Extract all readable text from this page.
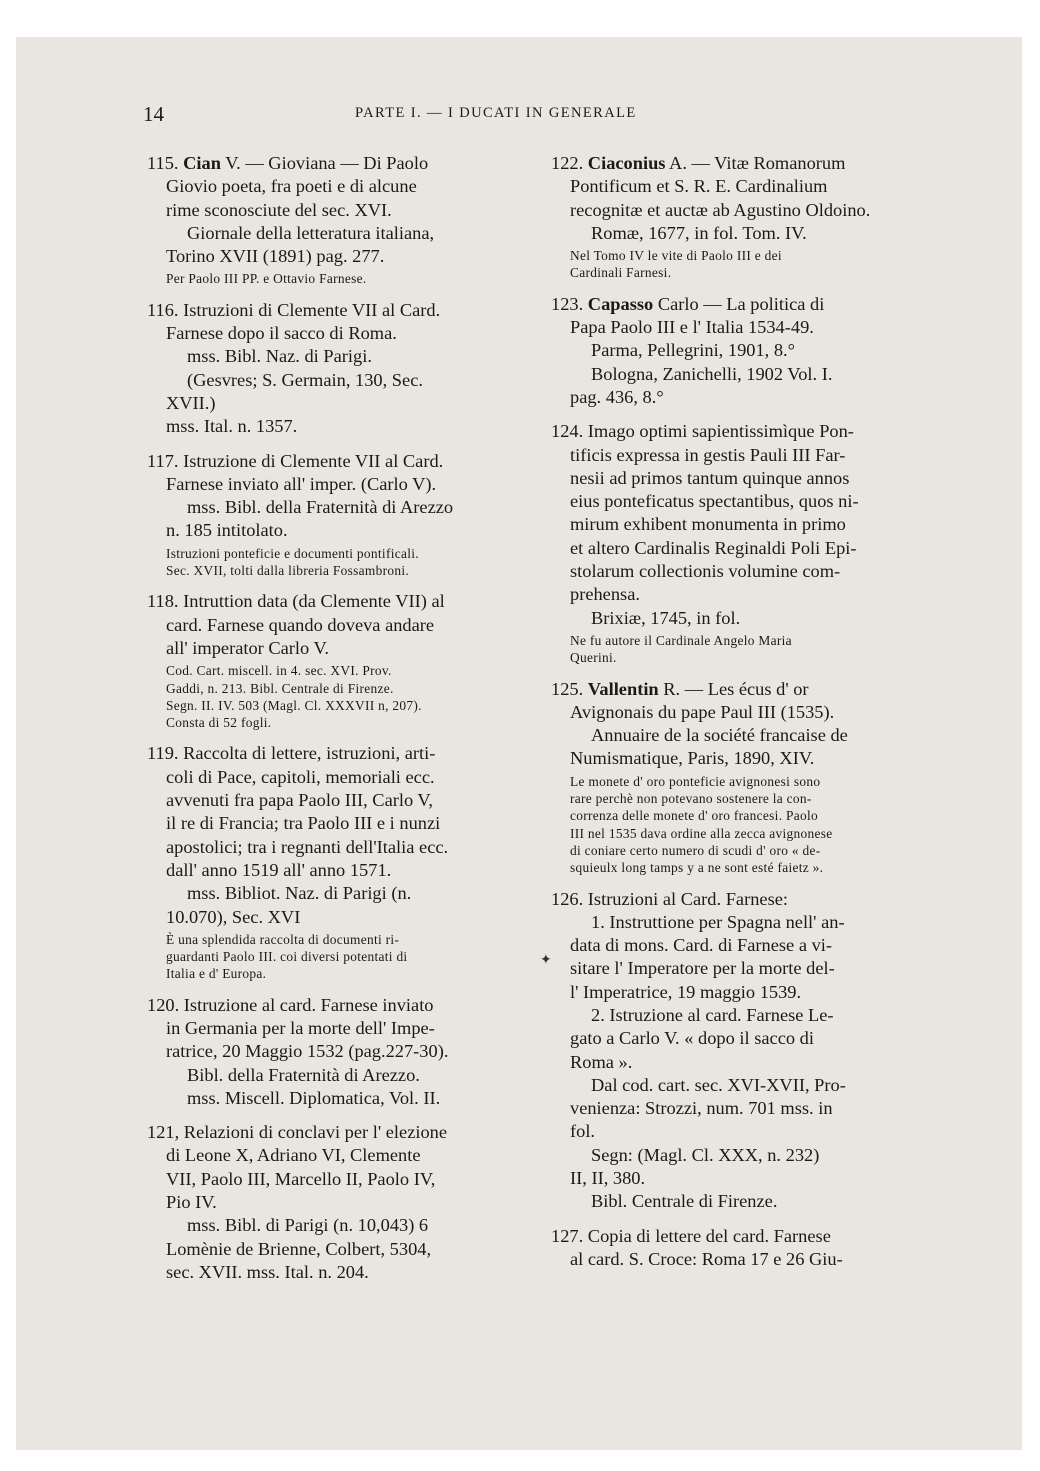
14	PARTE I. — I DUCATI IN GENERALE
115. Cian V. — Gioviana — Di Paolo
Giovio poeta, fra poeti e di alcune
rime sconosciute del sec. XVI.
Giornale della letteratura italiana,
Torino XVII (1891) pag. 277.
Per Paolo III PP. e Ottavio Farnese.
116. Istruzioni di Clemente VII al Card.
Farnese dopo il sacco di Roma.
mss. Bibl. Naz. di Parigi.
(Gesvres; S. Germain, 130, Sec.
XVII.)
mss. Ital. n. 1357.
117. Istruzione di Clemente VII al Card.
Farnese inviato all' imper. (Carlo V).
mss. Bibl. della Fraternità di Arezzo
n. 185 intitolato.
Istruzioni ponteficie e documenti pontificali.
Sec. XVII, tolti dalla libreria Fossambroni.
118. Intruttion data (da Clemente VII) al
card. Farnese quando doveva andare
all' imperator Carlo V.
Cod. Cart. miscell. in 4. sec. XVI. Prov.
Gaddi, n. 213. Bibl. Centrale di Firenze.
Segn. II. IV. 503 (Magl. Cl. XXXVII n, 207).
Consta di 52 fogli.
119. Raccolta di lettere, istruzioni, arti-
coli di Pace, capitoli, memoriali ecc.
avvenuti fra papa Paolo III, Carlo V,
il re di Francia; tra Paolo III e i nunzi
apostolici; tra i regnanti dell'Italia ecc.
dall' anno 1519 all' anno 1571.
mss. Bibliot. Naz. di Parigi (n.
10.070), Sec. XVI
È una splendida raccolta di documenti ri-
guardanti Paolo III. coi diversi potentati di
Italia e d' Europa.
120. Istruzione al card. Farnese inviato
in Germania per la morte dell' Impe-
ratrice, 20 Maggio 1532 (pag.227-30).
Bibl. della Fraternità di Arezzo.
mss. Miscell. Diplomatica, Vol. II.
121, Relazioni di conclavi per l' elezione
di Leone X, Adriano VI, Clemente
VII, Paolo III, Marcello II, Paolo IV,
Pio IV.
mss. Bibl. di Parigi (n. 10,043) 6
Lomènie de Brienne, Colbert, 5304,
sec. XVII. mss. Ital. n. 204.
122. Ciaconius A. — Vitæ Romanorum
Pontificum et S. R. E. Cardinalium
recognitæ et auctæ ab Agustino Oldoino.
Romæ, 1677, in fol. Tom. IV.
Nel Tomo IV le vite di Paolo III e dei
Cardinali Farnesi.
123. Capasso Carlo — La politica di
Papa Paolo III e l' Italia 1534-49.
Parma, Pellegrini, 1901, 8.°
Bologna, Zanichelli, 1902 Vol. I.
pag. 436, 8.°
124. Imago optimi sapientissimìque Pon-
tificis expressa in gestis Pauli III Far-
nesii ad primos tantum quinque annos
eius ponteficatus spectantibus, quos ni-
mirum exhibent monumenta in primo
et altero Cardinalis Reginaldi Poli Epi-
stolarum collectionis volumine com-
prehensa.
Brixiæ, 1745, in fol.
Ne fu autore il Cardinale Angelo Maria
Querini.
125. Vallentin R. — Les écus d' or
Avignonais du pape Paul III (1535).
Annuaire de la société francaise de
Numismatique, Paris, 1890, XIV.
Le monete d' oro ponteficie avignonesi sono
rare perchè non potevano sostenere la con-
correnza delle monete d' oro francesi. Paolo
III nel 1535 dava ordine alla zecca avignonese
di coniare certo numero di scudi d' oro « de-
squieulx long tamps y a ne sont esté faietz ».
126. Istruzioni al Card. Farnese:
1. Instruttione per Spagna nell' an-
data di mons. Card. di Farnese a vi-
sitare l' Imperatore per la morte del-
l' Imperatrice, 19 maggio 1539.
2. Istruzione al card. Farnese Le-
gato a Carlo V. « dopo il sacco di
Roma ».
Dal cod. cart. sec. XVI-XVII, Pro-
venienza: Strozzi, num. 701 mss. in
fol.
Segn: (Magl. Cl. XXX, n. 232)
II, II, 380.
Bibl. Centrale di Firenze.
127. Copia di lettere del card. Farnese
al card. S. Croce: Roma 17 e 26 Giu-
✦
